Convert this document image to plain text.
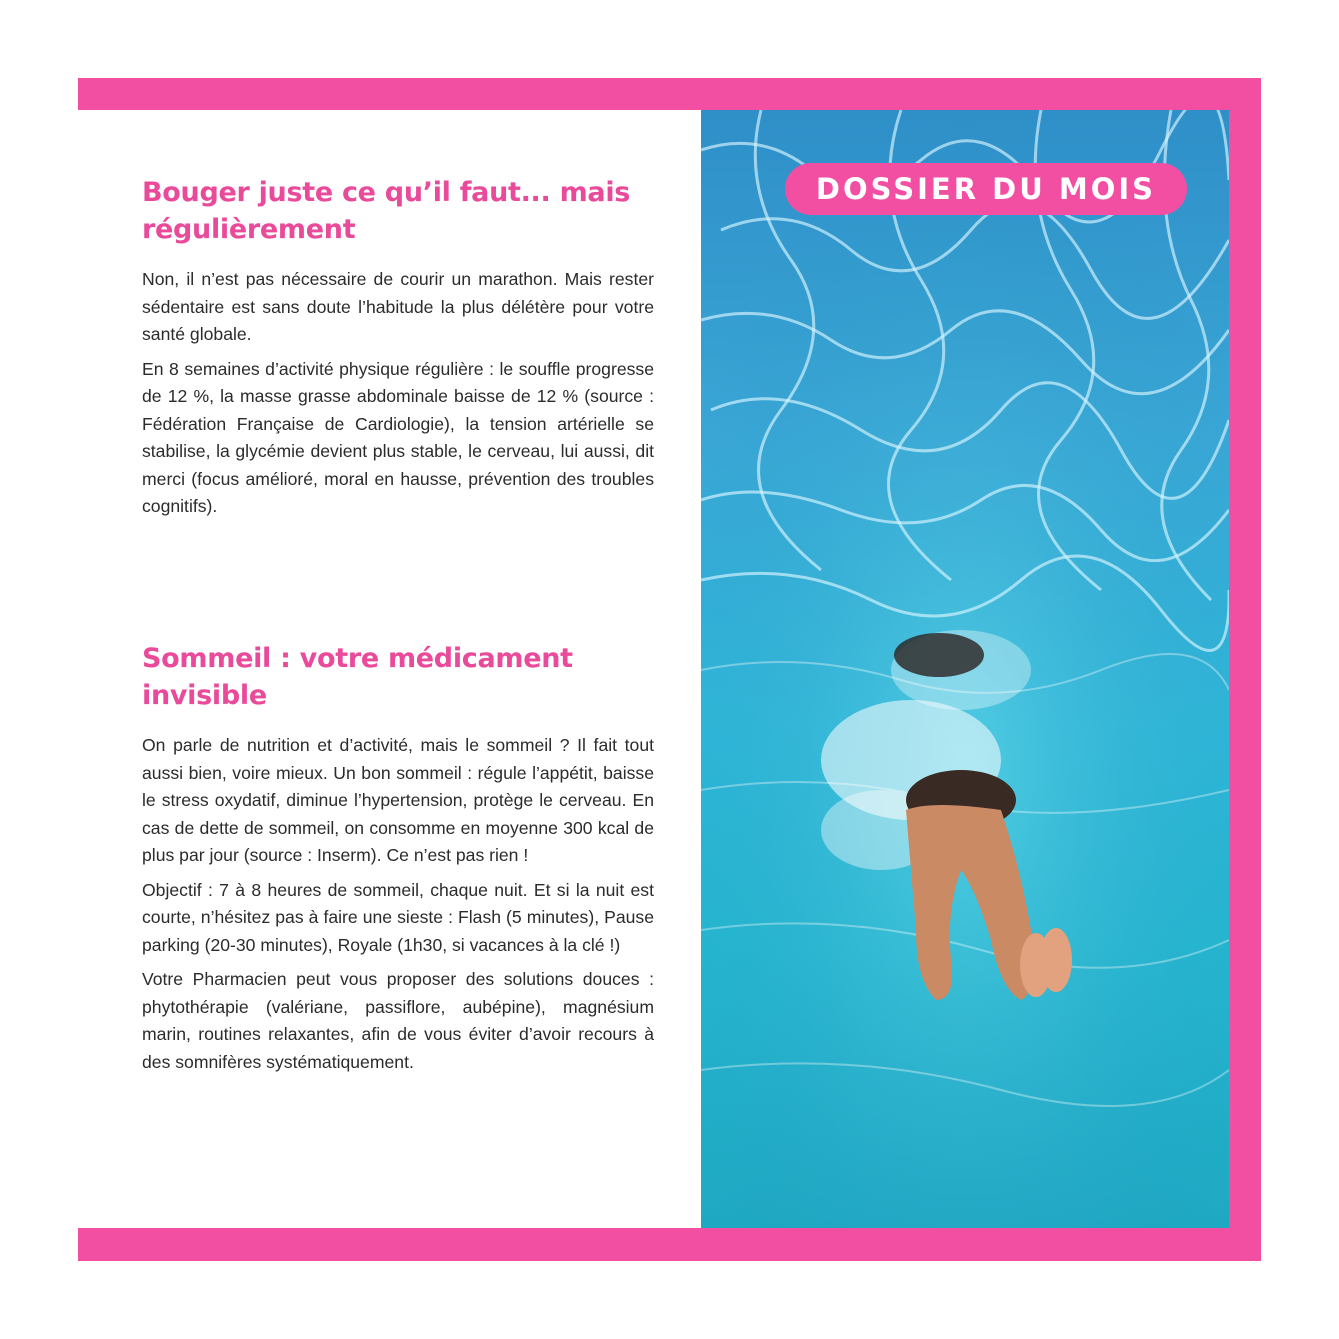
DOSSIER DU MOIS
Bouger juste ce qu’il faut... mais régulièrement

Non, il n’est pas nécessaire de courir un marathon. Mais rester sédentaire est sans doute l’habitude la plus délétère pour votre santé globale.

En 8 semaines d’activité physique régulière : le souffle progresse de 12 %, la masse grasse abdominale baisse de 12 % (source : Fédération Française de Cardiologie), la tension artérielle se stabilise, la glycémie devient plus stable, le cerveau, lui aussi, dit merci (focus amélioré, moral en hausse, prévention des troubles cognitifs).

Sommeil : votre médicament invisible

On parle de nutrition et d’activité, mais le sommeil ? Il fait tout aussi bien, voire mieux. Un bon sommeil : régule l’appétit, baisse le stress oxydatif, diminue l’hypertension, protège le cerveau. En cas de dette de sommeil, on consomme en moyenne 300 kcal de plus par jour (source : Inserm). Ce n’est pas rien !

Objectif : 7 à 8 heures de sommeil, chaque nuit. Et si la nuit est courte, n’hésitez pas à faire une sieste : Flash (5 minutes), Pause parking (20-30 minutes), Royale (1h30, si vacances à la clé !)

Votre Pharmacien peut vous proposer des solutions douces : phytothérapie (valériane, passiflore, aubépine), magnésium marin, routines relaxantes, afin de vous éviter d’avoir recours à des somnifères systématiquement.
